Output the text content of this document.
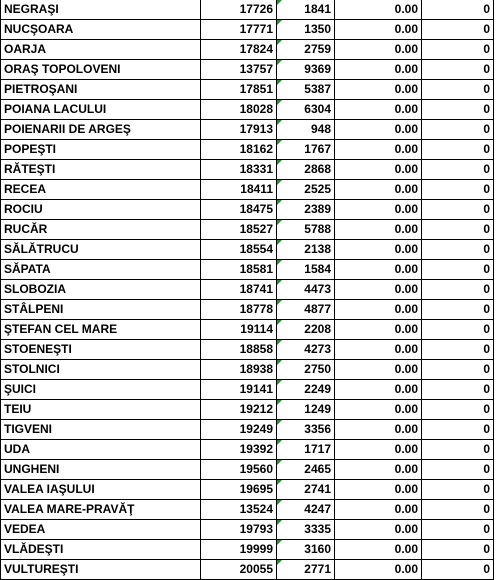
NEGRAŞI	17726	1841	0.00	0
NUCŞOARA	17771	1350	0.00	0
OARJA	17824	2759	0.00	0
ORAŞ TOPOLOVENI	13757	9369	0.00	0
PIETROŞANI	17851	5387	0.00	0
POIANA LACULUI	18028	6304	0.00	0
POIENARII DE ARGEŞ	17913	948	0.00	0
POPEŞTI	18162	1767	0.00	0
RĂTEŞTI	18331	2868	0.00	0
RECEA	18411	2525	0.00	0
ROCIU	18475	2389	0.00	0
RUCĂR	18527	5788	0.00	0
SĂLĂTRUCU	18554	2138	0.00	0
SĂPATA	18581	1584	0.00	0
SLOBOZIA	18741	4473	0.00	0
STÂLPENI	18778	4877	0.00	0
ŞTEFAN CEL MARE	19114	2208	0.00	0
STOENEŞTI	18858	4273	0.00	0
STOLNICI	18938	2750	0.00	0
ŞUICI	19141	2249	0.00	0
TEIU	19212	1249	0.00	0
TIGVENI	19249	3356	0.00	0
UDA	19392	1717	0.00	0
UNGHENI	19560	2465	0.00	0
VALEA IAŞULUI	19695	2741	0.00	0
VALEA MARE-PRAVĂŢ	13524	4247	0.00	0
VEDEA	19793	3335	0.00	0
VLĂDEŞTI	19999	3160	0.00	0
VULTUREŞTI	20055	2771	0.00	0
